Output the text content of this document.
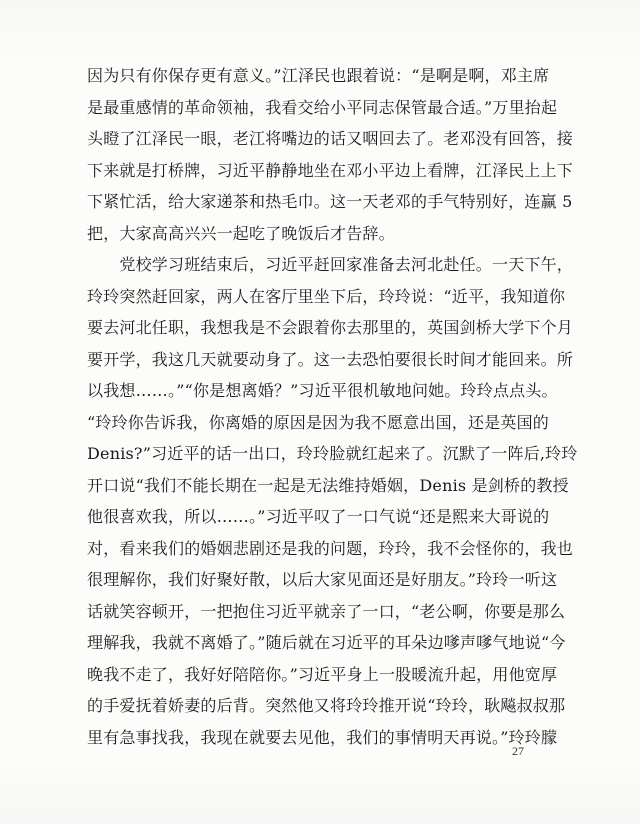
因为只有你保存更有意义。”江泽民也跟着说：“是啊是啊，邓主席
是最重感情的革命领袖，我看交给小平同志保管最合适。”万里抬起
头瞪了江泽民一眼，老江将嘴边的话又咽回去了。老邓没有回答，接
下来就是打桥牌，习近平静静地坐在邓小平边上看牌，江泽民上上下
下紧忙活，给大家递茶和热毛巾。这一天老邓的手气特别好，连赢 5
把，大家高高兴兴一起吃了晚饭后才告辞。

　　党校学习班结束后，习近平赶回家准备去河北赴任。一天下午，
玲玲突然赶回家，两人在客厅里坐下后，玲玲说：“近平，我知道你
要去河北任职，我想我是不会跟着你去那里的，英国剑桥大学下个月
要开学，我这几天就要动身了。这一去恐怕要很长时间才能回来。所
以我想……。”“你是想离婚？”习近平很机敏地问她。玲玲点点头。
“玲玲你告诉我，你离婚的原因是因为我不愿意出国，还是英国的
Denis?”习近平的话一出口，玲玲脸就红起来了。沉默了一阵后,玲玲
开口说“我们不能长期在一起是无法维持婚姻，Denis 是剑桥的教授
他很喜欢我，所以……。”习近平叹了一口气说“还是熙来大哥说的
对，看来我们的婚姻悲剧还是我的问题，玲玲，我不会怪你的，我也
很理解你，我们好聚好散，以后大家见面还是好朋友。”玲玲一听这
话就笑容顿开，一把抱住习近平就亲了一口，“老公啊，你要是那么
理解我，我就不离婚了。”随后就在习近平的耳朵边嗲声嗲气地说“今
晚我不走了，我好好陪陪你。”习近平身上一股暖流升起，用他宽厚
的手爱抚着娇妻的后背。突然他又将玲玲推开说“玲玲，耿飚叔叔那
里有急事找我，我现在就要去见他，我们的事情明天再说。”玲玲朦

27
